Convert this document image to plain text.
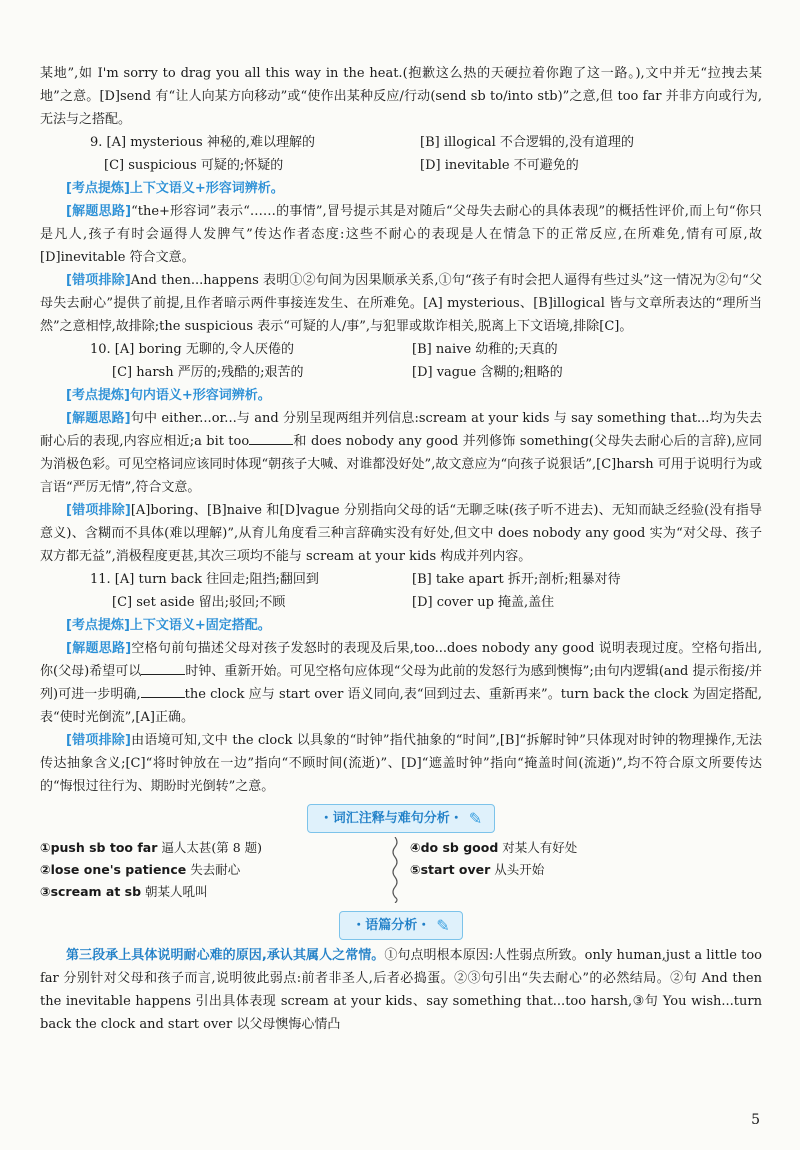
某地”,如 I'm sorry to drag you all this way in the heat.(抱歉这么热的天硬拉着你跑了这一路。),文中并无“拉拽去某地”之意。[D]send 有“让人向某方向移动”或“使作出某种反应/行动(send sb to/into stb)”之意,但 too far 并非方向或行为,无法与之搭配。

9. [A] mysterious 神秘的,难以理解的	[B] illogical 不合逻辑的,没有道理的
[C] suspicious 可疑的;怀疑的	[D] inevitable 不可避免的
[考点提炼]上下文语义+形容词辨析。

[解题思路]“the+形容词”表示“……的事情”,冒号提示其是对随后“父母失去耐心的具体表现”的概括性评价,而上句“你只是凡人,孩子有时会逼得人发脾气”传达作者态度:这些不耐心的表现是人在情急下的正常反应,在所难免,情有可原,故[D]inevitable 符合文意。

[错项排除]And then...happens 表明①②句间为因果顺承关系,①句“孩子有时会把人逼得有些过头”这一情况为②句“父母失去耐心”提供了前提,且作者暗示两件事接连发生、在所难免。[A] mysterious、[B]illogical 皆与文章所表达的“理所当然”之意相悖,故排除;the suspicious 表示“可疑的人/事”,与犯罪或欺诈相关,脱离上下文语境,排除[C]。

10. [A] boring 无聊的,令人厌倦的	[B] naive 幼稚的;天真的
[C] harsh 严厉的;残酷的;艰苦的	[D] vague 含糊的;粗略的
[考点提炼]句内语义+形容词辨析。

[解题思路]句中 either...or...与 and 分别呈现两组并列信息:scream at your kids 与 say something that...均为失去耐心后的表现,内容应相近;a bit too	和 does nobody any good 并列修饰 something(父母失去耐心后的言辞),应同为消极色彩。可见空格词应该同时体现“朝孩子大喊、对谁都没好处”,故文意应为“向孩子说狠话”,[C]harsh 可用于说明行为或言语“严厉无情”,符合文意。

[错项排除][A]boring、[B]naive 和[D]vague 分别指向父母的话“无聊乏味(孩子听不进去)、无知而缺乏经验(没有指导意义)、含糊而不具体(难以理解)”,从育儿角度看三种言辞确实没有好处,但文中 does nobody any good 实为“对父母、孩子双方都无益”,消极程度更甚,其次三项均不能与 scream at your kids 构成并列内容。

11. [A] turn back 往回走;阻挡;翻回到	[B] take apart 拆开;剖析;粗暴对待
[C] set aside 留出;驳回;不顾	[D] cover up 掩盖,盖住
[考点提炼]上下文语义+固定搭配。

[解题思路]空格句前句描述父母对孩子发怒时的表现及后果,too...does nobody any good 说明表现过度。空格句指出,你(父母)希望可以	时钟、重新开始。可见空格句应体现“父母为此前的发怒行为感到懊悔”;由句内逻辑(and 提示衔接/并列)可进一步明确,	the clock 应与 start over 语义同向,表“回到过去、重新再来”。turn back the clock 为固定搭配,表“使时光倒流”,[A]正确。

[错项排除]由语境可知,文中 the clock 以具象的“时钟”指代抽象的“时间”,[B]“拆解时钟”只体现对时钟的物理操作,无法传达抽象含义;[C]“将时钟放在一边”指向“不顾时间(流逝)”、[D]“遮盖时钟”指向“掩盖时间(流逝)”,均不符合原文所要传达的“悔恨过往行为、期盼时光倒转”之意。

・词汇注释与难句分析・ ✎
①push sb too far 逼人太甚(第 8 题)
②lose one's patience 失去耐心
③scream at sb 朝某人吼叫
④do sb good 对某人有好处
⑤start over 从头开始
・语篇分析・ ✎

第三段承上具体说明耐心难的原因,承认其属人之常情。①句点明根本原因:人性弱点所致。only human,just a little too far 分别针对父母和孩子而言,说明彼此弱点:前者非圣人,后者必捣蛋。②③句引出“失去耐心”的必然结局。②句 And then the inevitable happens 引出具体表现 scream at your kids、say something that...too harsh,③句 You wish...turn back the clock and start over 以父母懊悔心情凸

5
